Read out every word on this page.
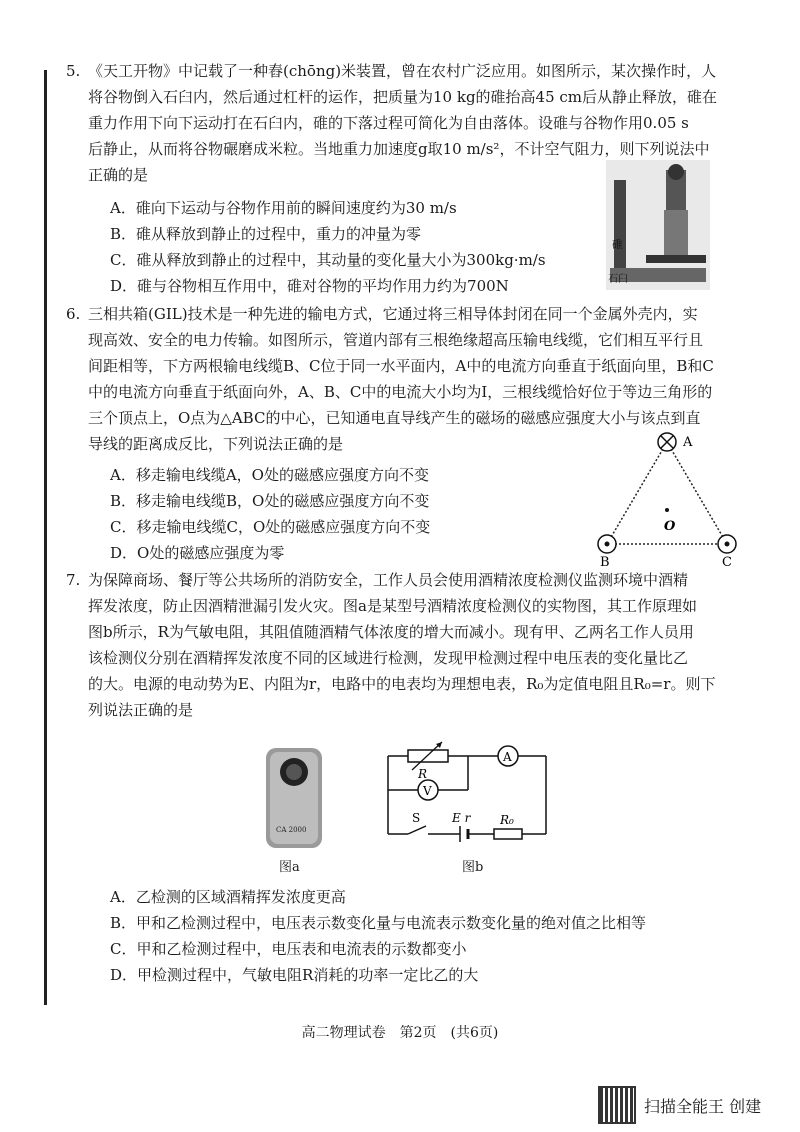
5. 《天工开物》中记载了一种舂(chōng)米装置，曾在农村广泛应用。如图所示，某次操作时，人

将谷物倒入石臼内，然后通过杠杆的运作，把质量为10 kg的碓抬高45 cm后从静止释放，碓在

重力作用下向下运动打在石臼内，碓的下落过程可简化为自由落体。设碓与谷物作用0.05 s

后静止，从而将谷物碾磨成米粒。当地重力加速度g取10 m/s²，不计空气阻力，则下列说法中

正确的是

A．碓向下运动与谷物作用前的瞬间速度约为30 m/s
B．碓从释放到静止的过程中，重力的冲量为零
C．碓从释放到静止的过程中，其动量的变化量大小为300kg·m/s
D．碓与谷物相互作用中，碓对谷物的平均作用力约为700N
碓
石臼
6. 三相共箱(GIL)技术是一种先进的输电方式，它通过将三相导体封闭在同一个金属外壳内，实

现高效、安全的电力传输。如图所示，管道内部有三根绝缘超高压输电线缆，它们相互平行且

间距相等，下方两根输电线缆B、C位于同一水平面内，A中的电流方向垂直于纸面向里，B和C

中的电流方向垂直于纸面向外，A、B、C中的电流大小均为I，三根线缆恰好位于等边三角形的

三个顶点上，O点为△ABC的中心，已知通电直导线产生的磁场的磁感应强度大小与该点到直

导线的距离成反比，下列说法正确的是

A．移走输电线缆A，O处的磁感应强度方向不变
B．移走输电线缆B，O处的磁感应强度方向不变
C．移走输电线缆C，O处的磁感应强度方向不变
D．O处的磁感应强度为零
A
O
B	C
7. 为保障商场、餐厅等公共场所的消防安全，工作人员会使用酒精浓度检测仪监测环境中酒精

挥发浓度，防止因酒精泄漏引发火灾。图a是某型号酒精浓度检测仪的实物图，其工作原理如

图b所示，R为气敏电阻，其阻值随酒精气体浓度的增大而减小。现有甲、乙两名工作人员用

该检测仪分别在酒精挥发浓度不同的区域进行检测，发现甲检测过程中电压表的变化量比乙

的大。电源的电动势为E、内阻为r，电路中的电表均为理想电表，R₀为定值电阻且R₀=r。则下

列说法正确的是

CA 2000
图a
A
V
R
S	E r R₀
图b
A．乙检测的区域酒精挥发浓度更高
B．甲和乙检测过程中，电压表示数变化量与电流表示数变化量的绝对值之比相等
C．甲和乙检测过程中，电压表和电流表的示数都变小
D．甲检测过程中，气敏电阻R消耗的功率一定比乙的大
高二物理试卷　第2页　(共6页)
扫描全能王 创建
